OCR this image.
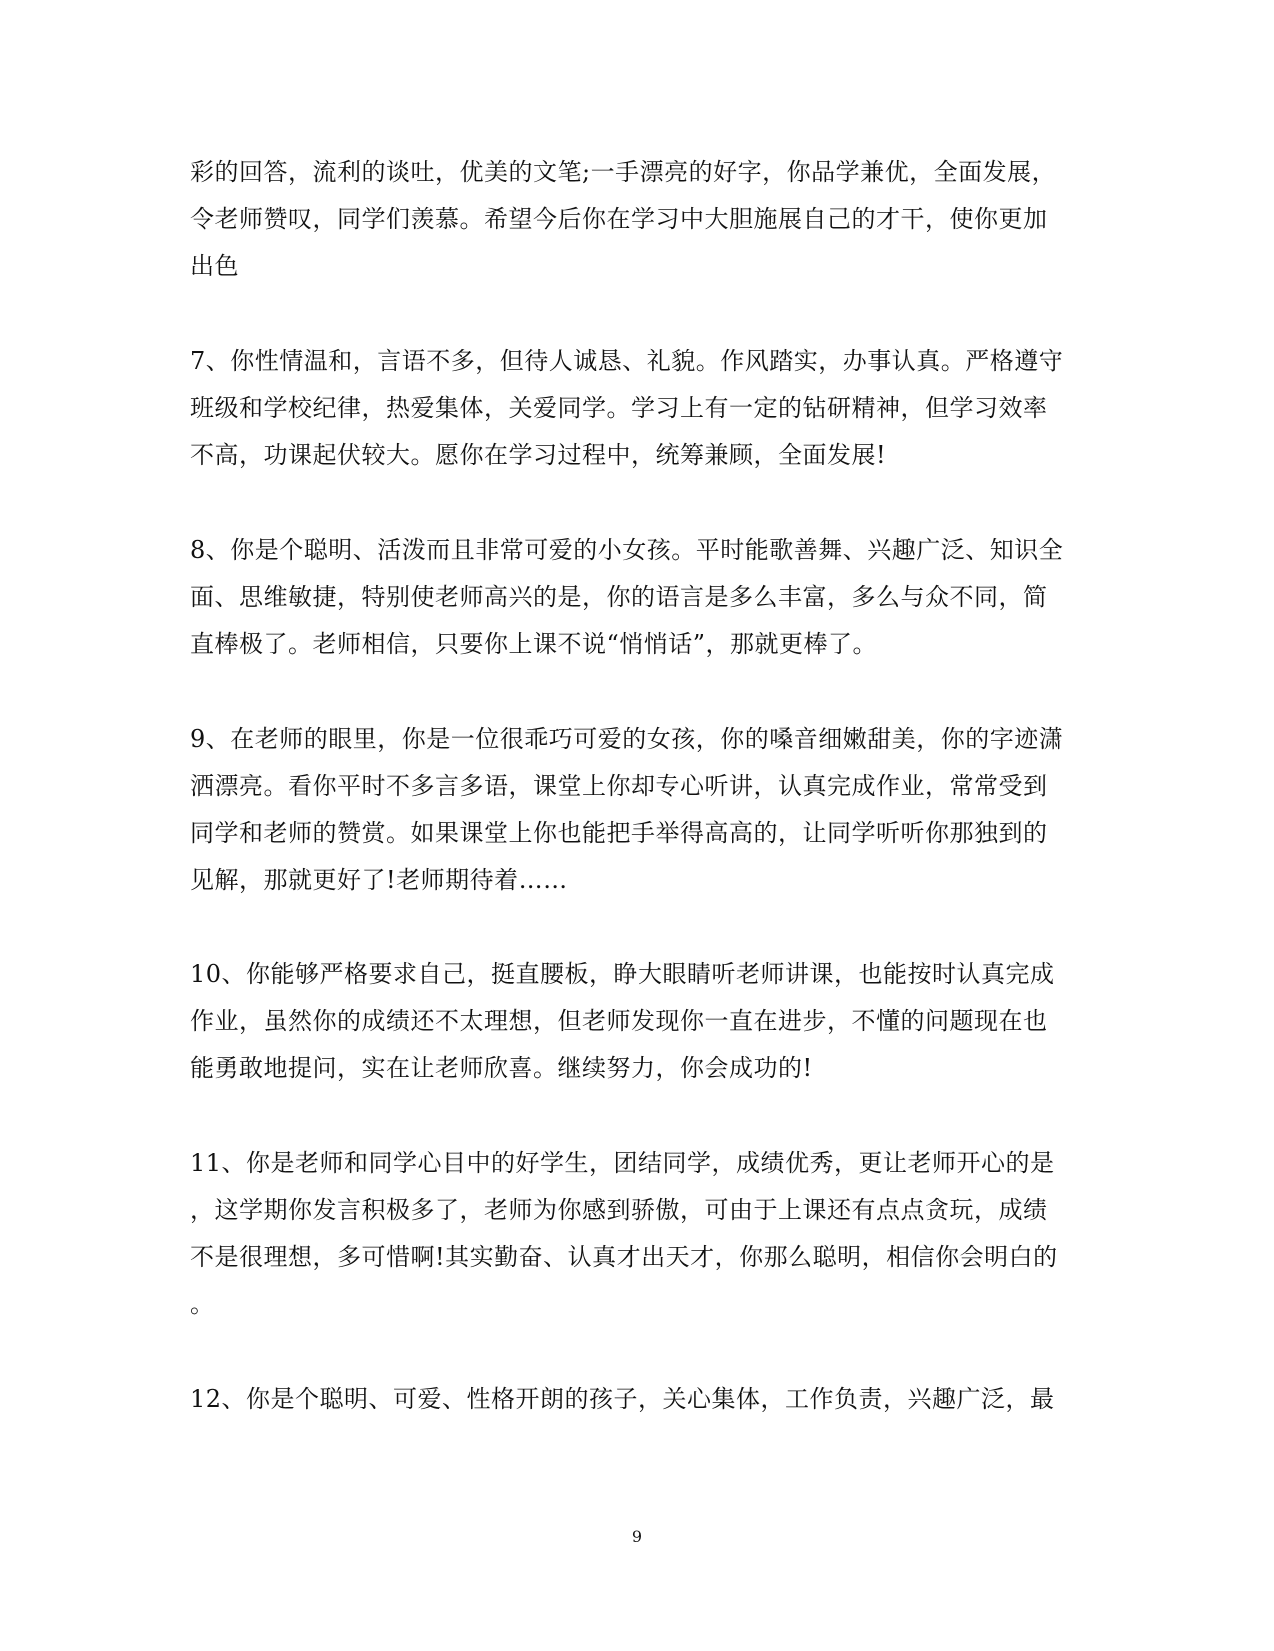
彩的回答，流利的谈吐，优美的文笔;一手漂亮的好字，你品学兼优，全面发展，
令老师赞叹，同学们羡慕。希望今后你在学习中大胆施展自己的才干，使你更加
出色
7、你性情温和，言语不多，但待人诚恳、礼貌。作风踏实，办事认真。严格遵守
班级和学校纪律，热爱集体，关爱同学。学习上有一定的钻研精神，但学习效率
不高，功课起伏较大。愿你在学习过程中，统筹兼顾，全面发展!
8、你是个聪明、活泼而且非常可爱的小女孩。平时能歌善舞、兴趣广泛、知识全
面、思维敏捷，特别使老师高兴的是，你的语言是多么丰富，多么与众不同，简
直棒极了。老师相信，只要你上课不说“悄悄话”，那就更棒了。
9、在老师的眼里，你是一位很乖巧可爱的女孩，你的嗓音细嫩甜美，你的字迹潇
洒漂亮。看你平时不多言多语，课堂上你却专心听讲，认真完成作业，常常受到
同学和老师的赞赏。如果课堂上你也能把手举得高高的，让同学听听你那独到的
见解，那就更好了!老师期待着……
10、你能够严格要求自己，挺直腰板，睁大眼睛听老师讲课，也能按时认真完成
作业，虽然你的成绩还不太理想，但老师发现你一直在进步，不懂的问题现在也
能勇敢地提问，实在让老师欣喜。继续努力，你会成功的!
11、你是老师和同学心目中的好学生，团结同学，成绩优秀，更让老师开心的是
，这学期你发言积极多了，老师为你感到骄傲，可由于上课还有点点贪玩，成绩
不是很理想，多可惜啊!其实勤奋、认真才出天才，你那么聪明，相信你会明白的
。
12、你是个聪明、可爱、性格开朗的孩子，关心集体，工作负责，兴趣广泛，最
9
